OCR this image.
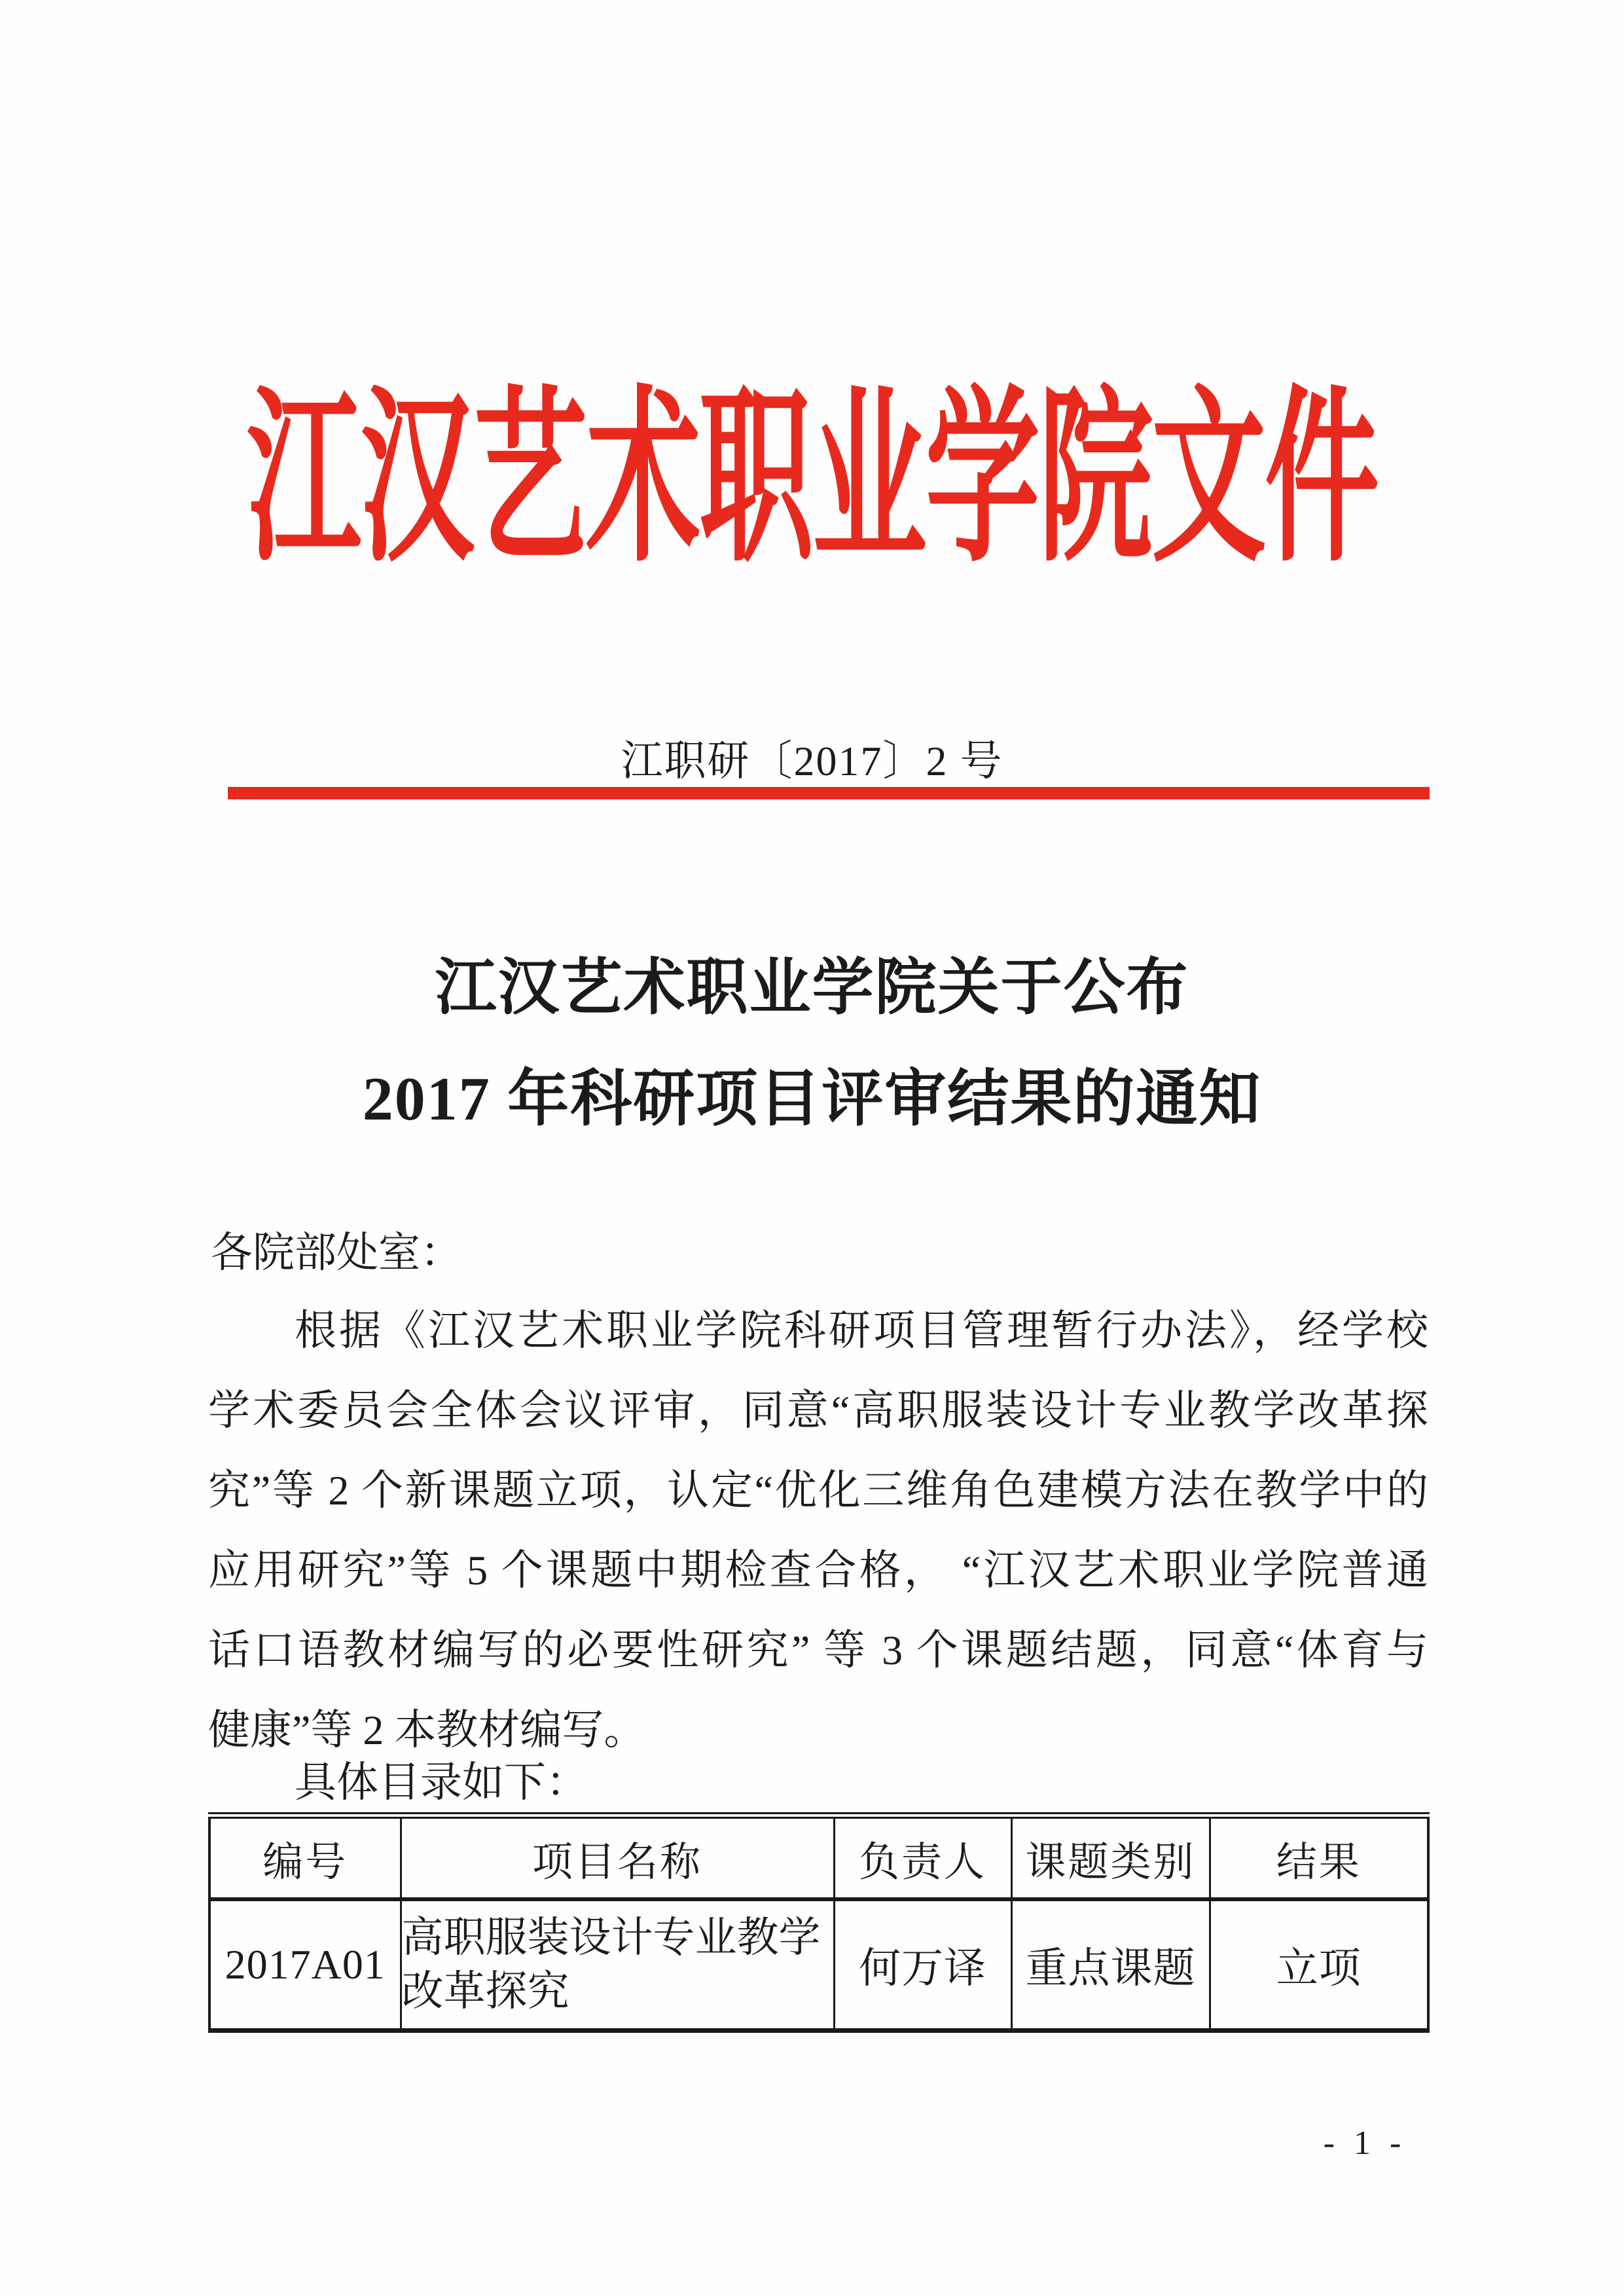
江汉艺术职业学院文件
江职研〔2017〕2 号
江汉艺术职业学院关于公布
2017 年科研项目评审结果的通知
各院部处室：
根据《江汉艺术职业学院科研项目管理暂行办法》，经学校
学术委员会全体会议评审，同意“高职服装设计专业教学改革探
究”等 2 个新课题立项，认定“优化三维角色建模方法在教学中的
应用研究”等 5 个课题中期检查合格， “江汉艺术职业学院普通
话口语教材编写的必要性研究” 等 3 个课题结题，同意“体育与
健康”等 2 本教材编写。
具体目录如下：
编号	项目名称	负责人	课题类别	结果
2017A01	高职服装设计专业教学改革探究	何万译	重点课题	立项
- 1 -
